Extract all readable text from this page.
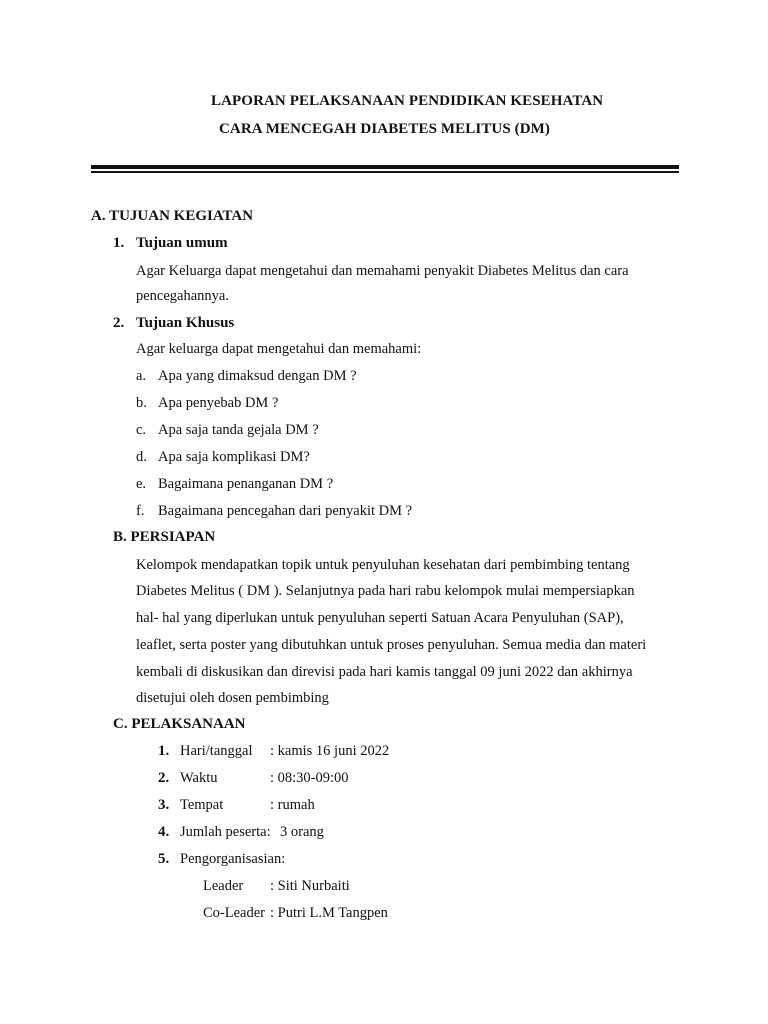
LAPORAN PELAKSANAAN PENDIDIKAN KESEHATAN
CARA MENCEGAH DIABETES MELITUS (DM)
A. TUJUAN KEGIATAN
1. Tujuan umum
Agar Keluarga dapat mengetahui dan memahami penyakit Diabetes Melitus dan cara
pencegahannya.
2. Tujuan Khusus
Agar keluarga dapat mengetahui dan memahami:
a. Apa yang dimaksud dengan DM ?
b. Apa penyebab DM ?
c. Apa saja tanda gejala DM ?
d. Apa saja komplikasi DM?
e. Bagaimana penanganan DM ?
f. Bagaimana pencegahan dari penyakit DM ?
B. PERSIAPAN
Kelompok mendapatkan topik untuk penyuluhan kesehatan dari pembimbing tentang
Diabetes Melitus ( DM ). Selanjutnya pada hari rabu kelompok mulai mempersiapkan
hal- hal yang diperlukan untuk penyuluhan seperti Satuan Acara Penyuluhan (SAP),
leaflet, serta poster yang dibutuhkan untuk proses penyuluhan. Semua media dan materi
kembali di diskusikan dan direvisi pada hari kamis tanggal 09 juni 2022 dan akhirnya
disetujui oleh dosen pembimbing
C. PELAKSANAAN
1. Hari/tanggal : kamis 16 juni 2022
2. Waktu	: 08:30-09:00
3. Tempat	: rumah
4. Jumlah peserta: 3 orang
5. Pengorganisasian:
Leader : Siti Nurbaiti
Co-Leader : Putri L.M Tangpen
